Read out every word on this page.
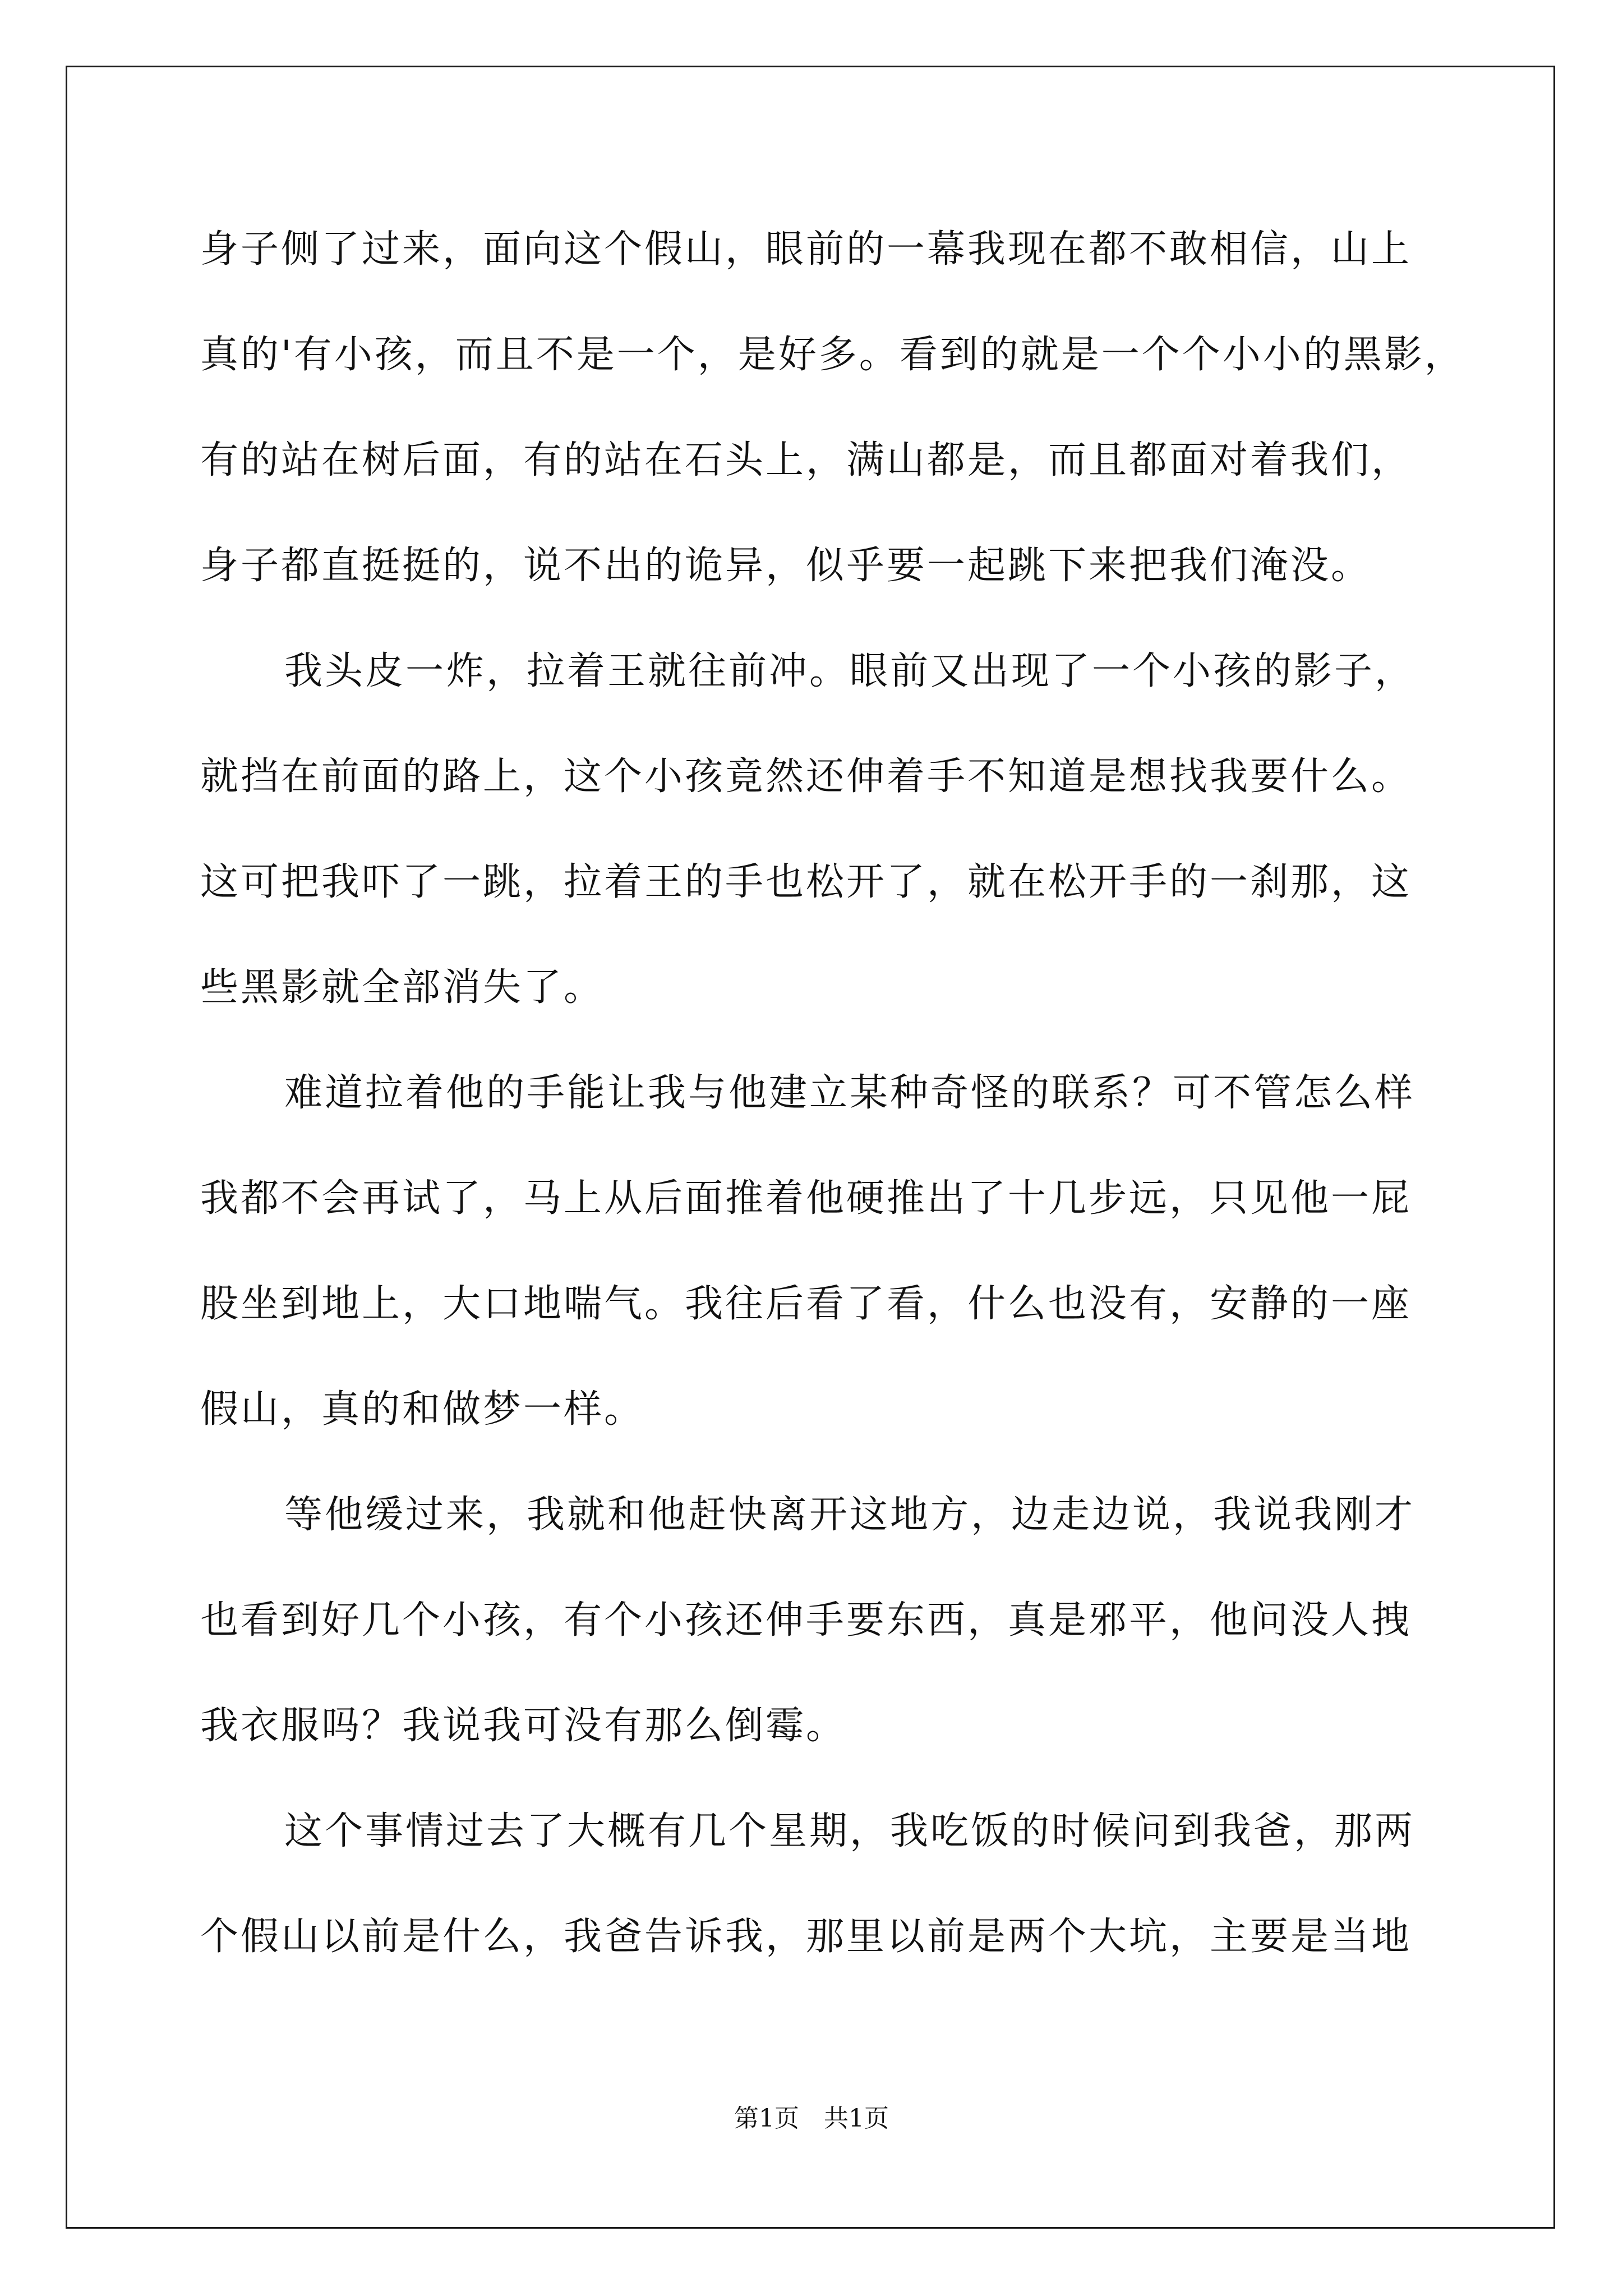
身子侧了过来，面向这个假山，眼前的一幕我现在都不敢相信，山上
真的'有小孩，而且不是一个，是好多。看到的就是一个个小小的黑影，
有的站在树后面，有的站在石头上，满山都是，而且都面对着我们，
身子都直挺挺的，说不出的诡异，似乎要一起跳下来把我们淹没。
我头皮一炸，拉着王就往前冲。眼前又出现了一个小孩的影子，
就挡在前面的路上，这个小孩竟然还伸着手不知道是想找我要什么。
这可把我吓了一跳，拉着王的手也松开了，就在松开手的一刹那，这
些黑影就全部消失了。
难道拉着他的手能让我与他建立某种奇怪的联系？可不管怎么样
我都不会再试了，马上从后面推着他硬推出了十几步远，只见他一屁
股坐到地上，大口地喘气。我往后看了看，什么也没有，安静的一座
假山，真的和做梦一样。
等他缓过来，我就和他赶快离开这地方，边走边说，我说我刚才
也看到好几个小孩，有个小孩还伸手要东西，真是邪平，他问没人拽
我衣服吗？我说我可没有那么倒霉。
这个事情过去了大概有几个星期，我吃饭的时候问到我爸，那两
个假山以前是什么，我爸告诉我，那里以前是两个大坑，主要是当地
第1页 共1页
